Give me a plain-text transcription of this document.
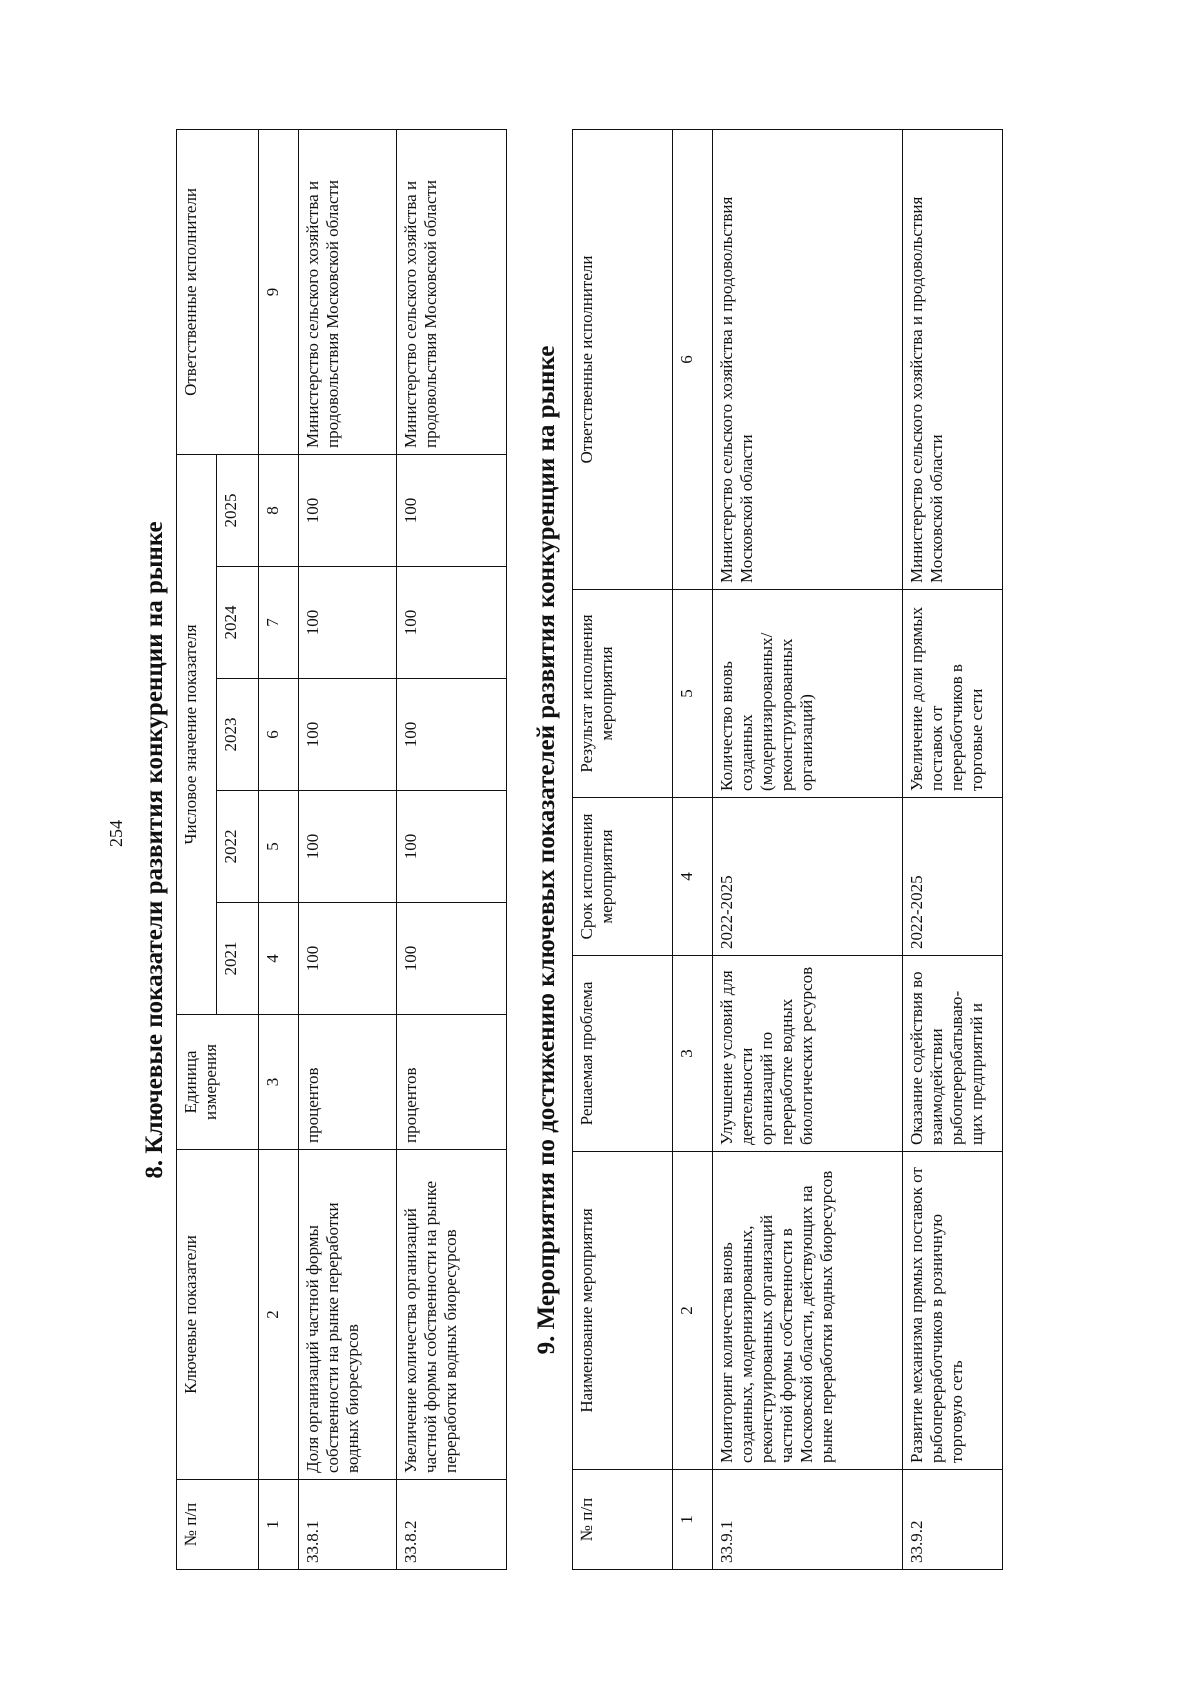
254 8. Ключевые показатели развития конкуренции на рынке
№ п/п	Ключевые показатели	Единица измерения	Числовое значение показателя					Ответственные исполнители
			2021	2022	2023	2024	2025	
1	2	3	4	5	6	7	8	9
33.8.1	Доля организаций частной формы собственности на рынке переработки водных биоресурсов	процентов	100	100	100	100	100	Министерство сельского хозяйства и продовольствия Московской области
33.8.2	Увеличение количества организаций частной формы собственности на рынке переработки водных биоресурсов	процентов	100	100	100	100	100	Министерство сельского хозяйства и продовольствия Московской области
9. Мероприятия по достижению ключевых показателей развития конкуренции на рынке
№ п/п	Наименование мероприятия	Решаемая проблема	Срок исполнения мероприятия	Результат исполнения мероприятия	Ответственные исполнители
1	2	3	4	5	6
33.9.1	Мониторинг количества вновь созданных, модернизированных, реконструированных организаций частной формы собственности в Московской области, действующих на рынке переработки водных биоресурсов	Улучшение условий для деятельности организаций по переработке водных биологических ресурсов	2022-2025	Количество вновь созданных (модернизированных/реконструированных организаций)	Министерство сельского хозяйства и продовольствия Московской области
33.9.2	Развитие механизма прямых поставок от рыбопереработчиков в розничную торговую сеть	Оказание содействия во взаимодействии рыбоперерабатываю-щих предприятий и	2022-2025	Увеличение доли прямых поставок от переработчиков в торговые сети	Министерство сельского хозяйства и продовольствия Московской области
